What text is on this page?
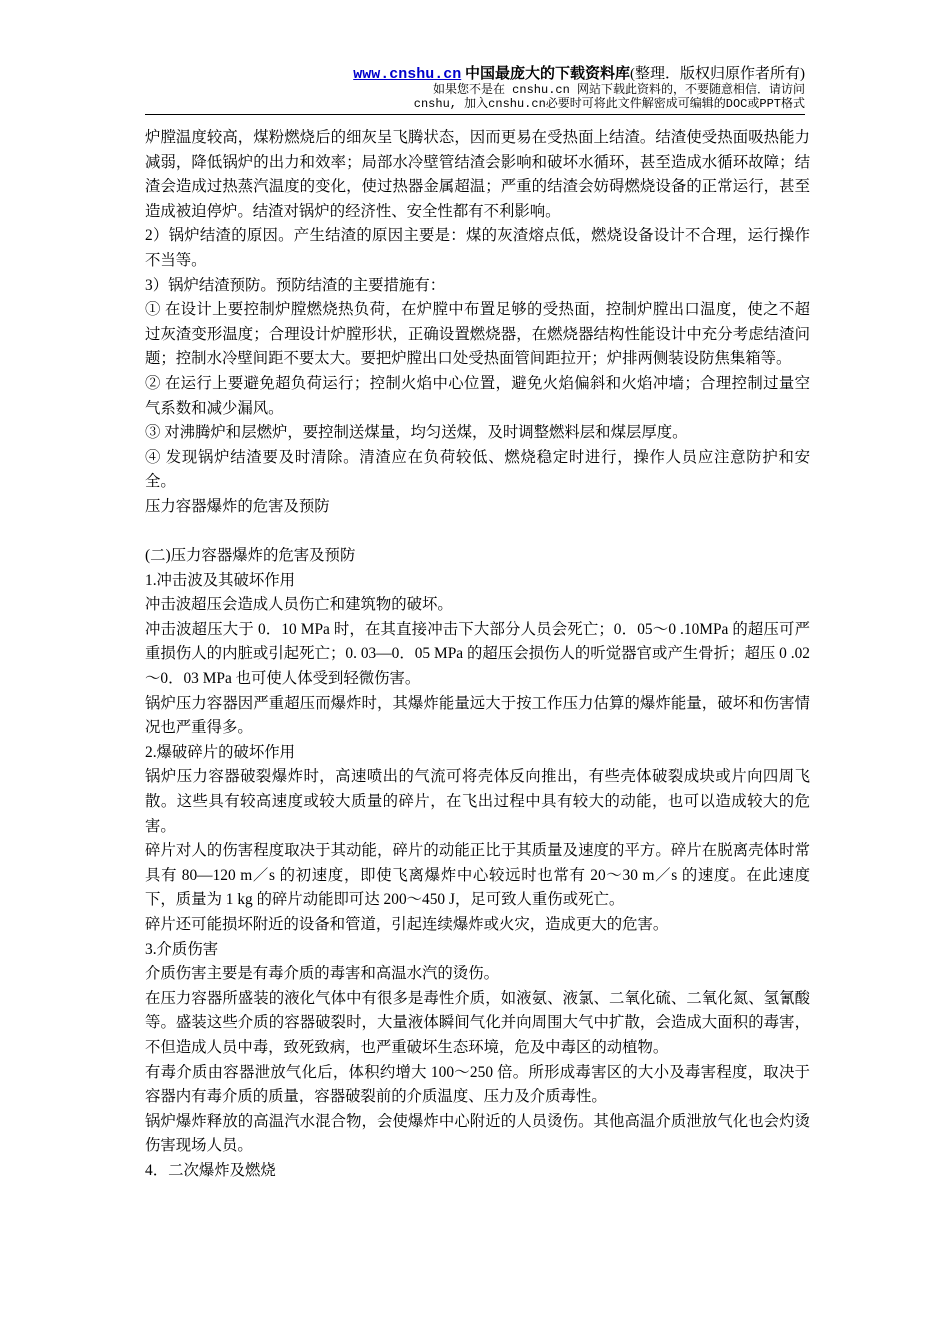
www.cnshu.cn 中国最庞大的下载资料库(整理．版权归原作者所有)
如果您不是在 cnshu.cn 网站下载此资料的，不要随意相信．请访问
cnshu, 加入cnshu.cn必要时可将此文件解密成可编辑的DOC或PPT格式

炉膛温度较高，煤粉燃烧后的细灰呈飞腾状态，因而更易在受热面上结渣。结渣使受热面吸热能力减弱，降低锅炉的出力和效率；局部水冷壁管结渣会影响和破坏水循环，甚至造成水循环故障；结渣会造成过热蒸汽温度的变化，使过热器金属超温；严重的结渣会妨碍燃烧设备的正常运行，甚至造成被迫停炉。结渣对锅炉的经济性、安全性都有不利影响。

2）锅炉结渣的原因。产生结渣的原因主要是：煤的灰渣熔点低，燃烧设备设计不合理，运行操作不当等。

3）锅炉结渣预防。预防结渣的主要措施有：

① 在设计上要控制炉膛燃烧热负荷，在炉膛中布置足够的受热面，控制炉膛出口温度，使之不超过灰渣变形温度；合理设计炉膛形状，正确设置燃烧器，在燃烧器结构性能设计中充分考虑结渣问题；控制水冷壁间距不要太大。要把炉膛出口处受热面管间距拉开；炉排两侧装设防焦集箱等。

② 在运行上要避免超负荷运行；控制火焰中心位置，避免火焰偏斜和火焰冲墙；合理控制过量空气系数和减少漏风。

③ 对沸腾炉和层燃炉，要控制送煤量，均匀送煤，及时调整燃料层和煤层厚度。

④ 发现锅炉结渣要及时清除。清渣应在负荷较低、燃烧稳定时进行，操作人员应注意防护和安全。

压力容器爆炸的危害及预防

(二)压力容器爆炸的危害及预防

1.冲击波及其破坏作用

冲击波超压会造成人员伤亡和建筑物的破坏。

冲击波超压大于 0．10 MPa 时，在其直接冲击下大部分人员会死亡；0．05～0 .10MPa 的超压可严重损伤人的内脏或引起死亡；0. 03—0．05 MPa 的超压会损伤人的听觉器官或产生骨折；超压 0 .02～0．03 MPa 也可使人体受到轻微伤害。

锅炉压力容器因严重超压而爆炸时，其爆炸能量远大于按工作压力估算的爆炸能量，破坏和伤害情况也严重得多。

2.爆破碎片的破坏作用

锅炉压力容器破裂爆炸时，高速喷出的气流可将壳体反向推出，有些壳体破裂成块或片向四周飞散。这些具有较高速度或较大质量的碎片，在飞出过程中具有较大的动能，也可以造成较大的危害。

碎片对人的伤害程度取决于其动能，碎片的动能正比于其质量及速度的平方。碎片在脱离壳体时常具有 80—120 m／s 的初速度，即使飞离爆炸中心较远时也常有 20～30 m／s 的速度。在此速度下，质量为 1 kg 的碎片动能即可达 200～450 J，足可致人重伤或死亡。

碎片还可能损坏附近的设备和管道，引起连续爆炸或火灾，造成更大的危害。

3.介质伤害

介质伤害主要是有毒介质的毒害和高温水汽的烫伤。

在压力容器所盛装的液化气体中有很多是毒性介质，如液氨、液氯、二氧化硫、二氧化氮、氢氰酸等。盛装这些介质的容器破裂时，大量液体瞬间气化并向周围大气中扩散，会造成大面积的毒害，不但造成人员中毒，致死致病，也严重破坏生态环境，危及中毒区的动植物。

有毒介质由容器泄放气化后，体积约增大 100～250 倍。所形成毒害区的大小及毒害程度，取决于容器内有毒介质的质量，容器破裂前的介质温度、压力及介质毒性。

锅炉爆炸释放的高温汽水混合物，会使爆炸中心附近的人员烫伤。其他高温介质泄放气化也会灼烫伤害现场人员。

4．二次爆炸及燃烧
